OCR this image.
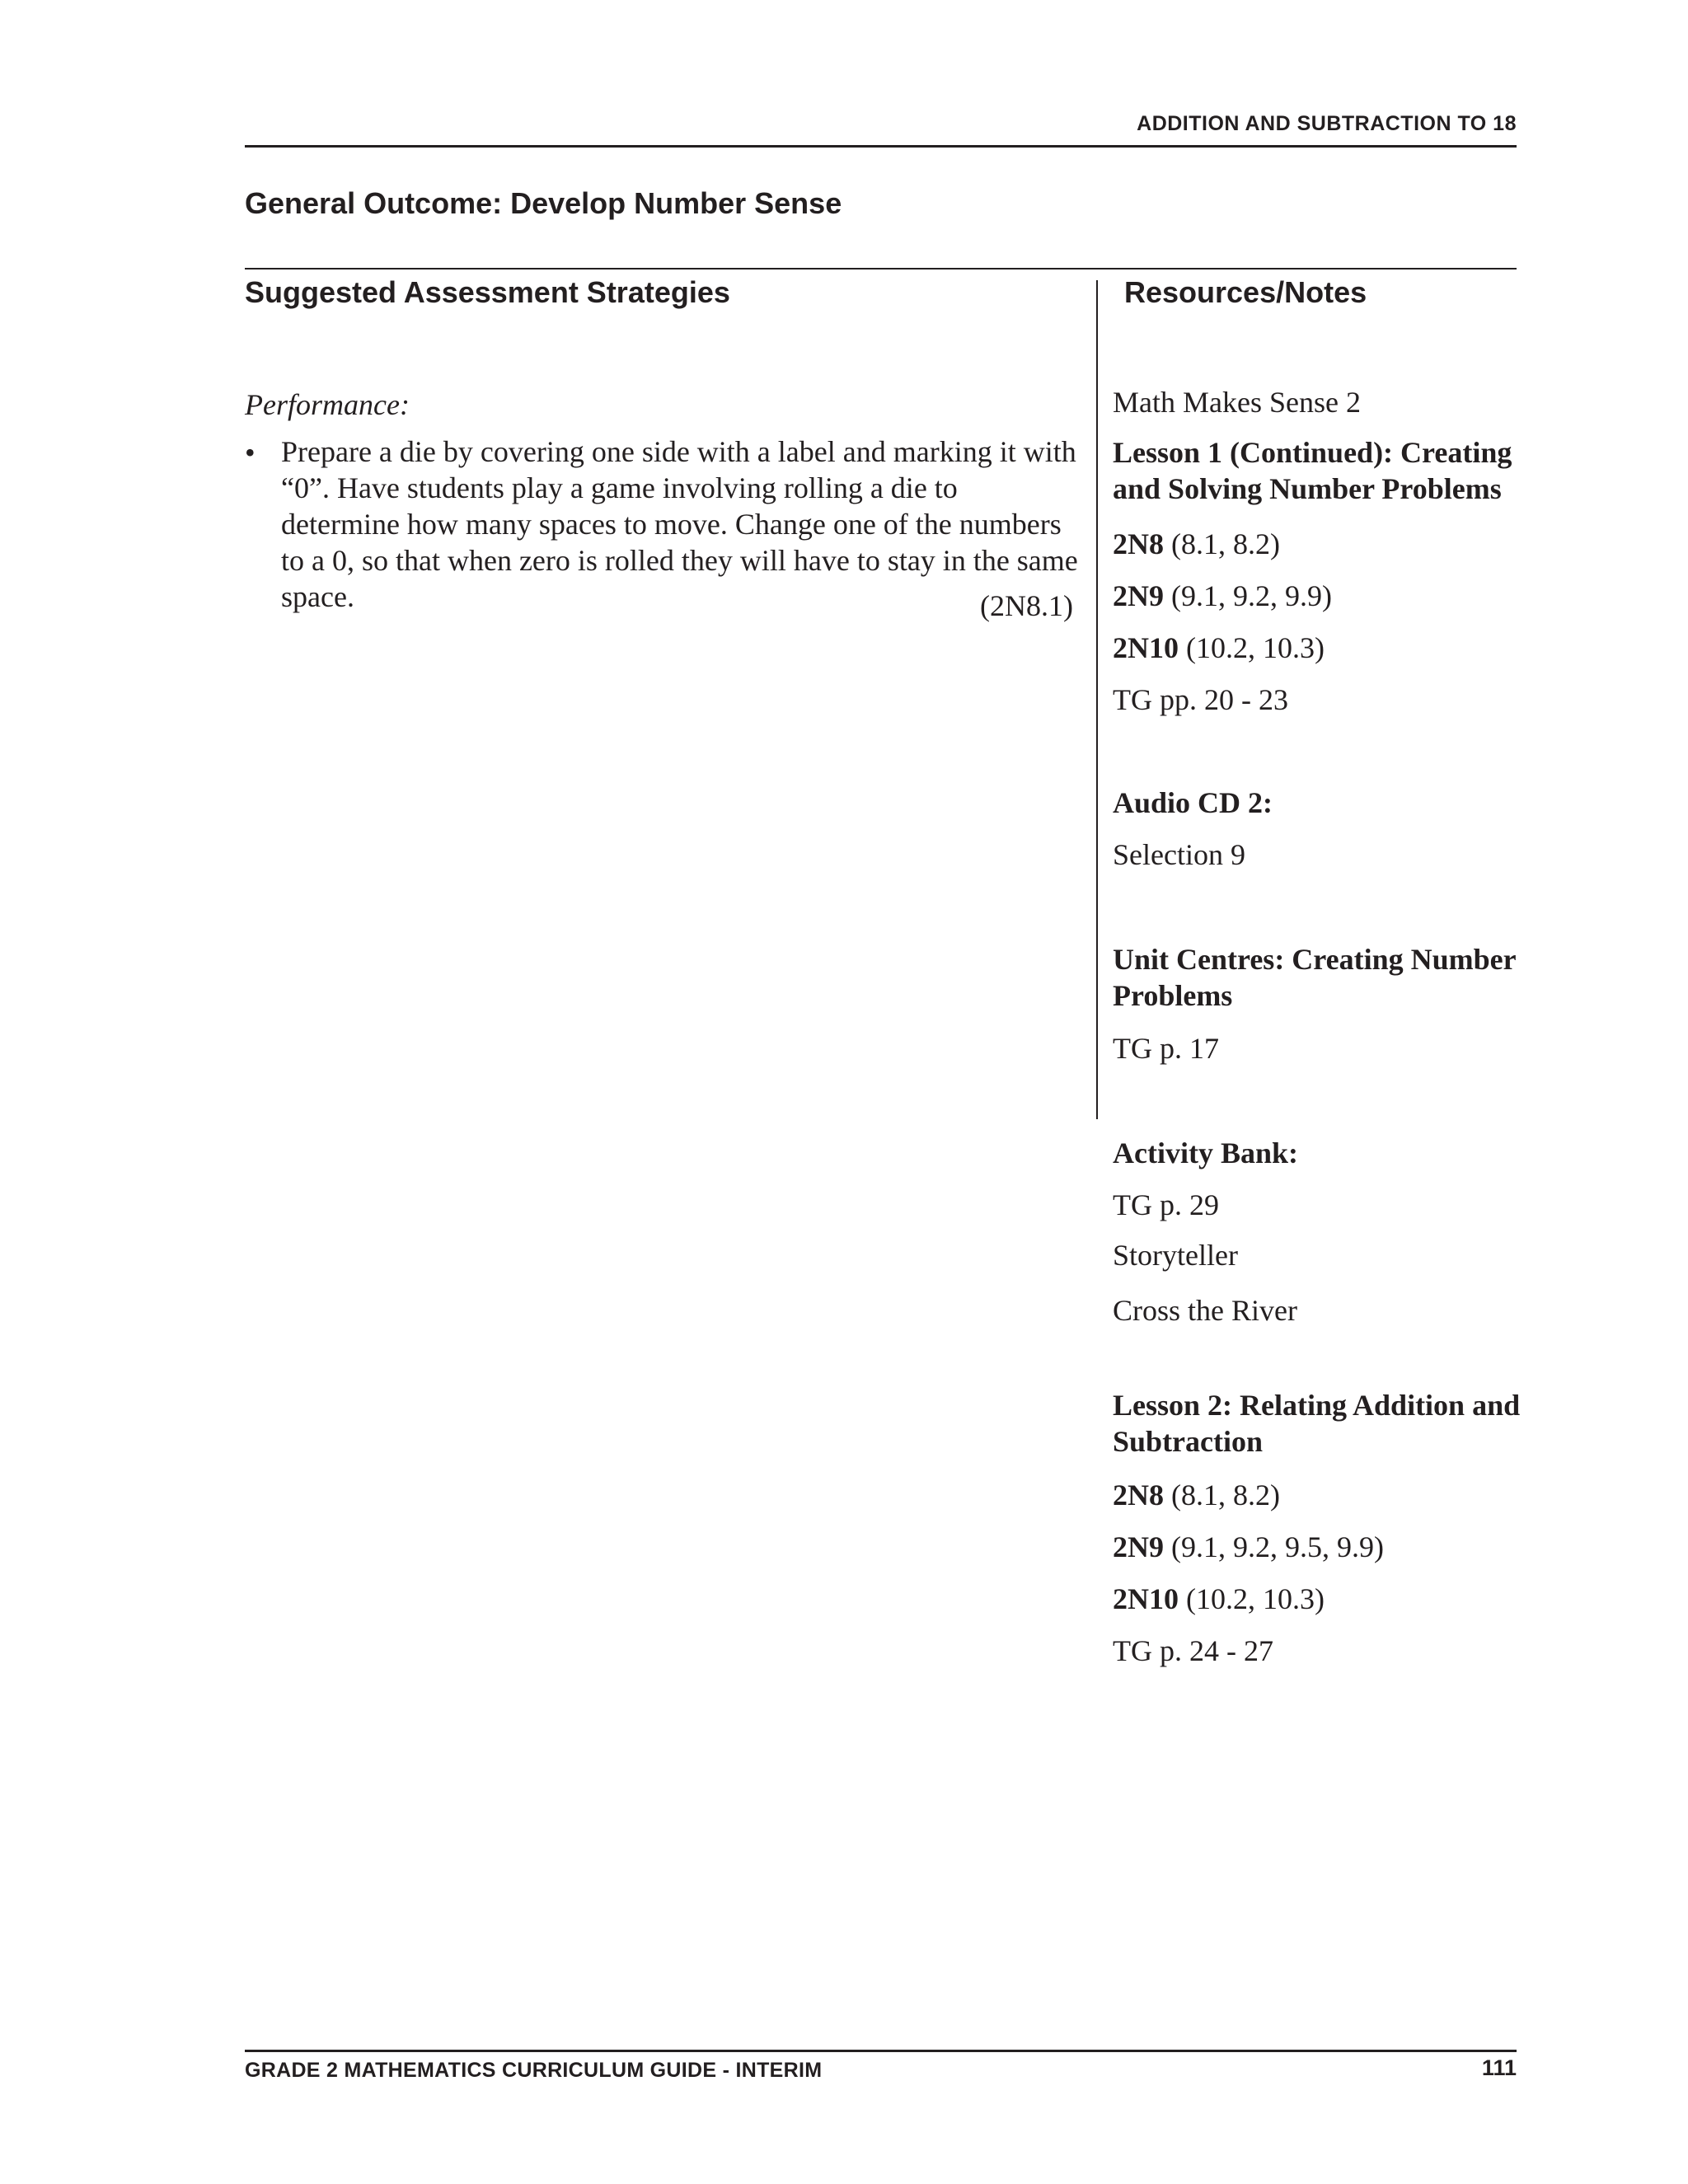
ADDITION AND SUBTRACTION TO 18
General Outcome: Develop Number Sense
Suggested Assessment Strategies	Resources/Notes
Performance:
• Prepare a die by covering one side with a label and marking it with “0”. Have students play a game involving rolling a die to determine how many spaces to move. Change one of the numbers to a 0, so that when zero is rolled they will have to stay in the same space.	(2N8.1)
Math Makes Sense 2
Lesson 1 (Continued): Creating and Solving Number Problems
2N8 (8.1, 8.2)
2N9 (9.1, 9.2, 9.9)
2N10 (10.2, 10.3)
TG pp. 20 - 23
Audio CD 2:
Selection 9
Unit Centres: Creating Number Problems
TG p. 17
Activity Bank:
TG p. 29
Storyteller
Cross the River
Lesson 2: Relating Addition and Subtraction
2N8 (8.1, 8.2)
2N9 (9.1, 9.2, 9.5, 9.9)
2N10 (10.2, 10.3)
TG p. 24 - 27
GRADE 2 MATHEMATICS CURRICULUM GUIDE - INTERIM	111
